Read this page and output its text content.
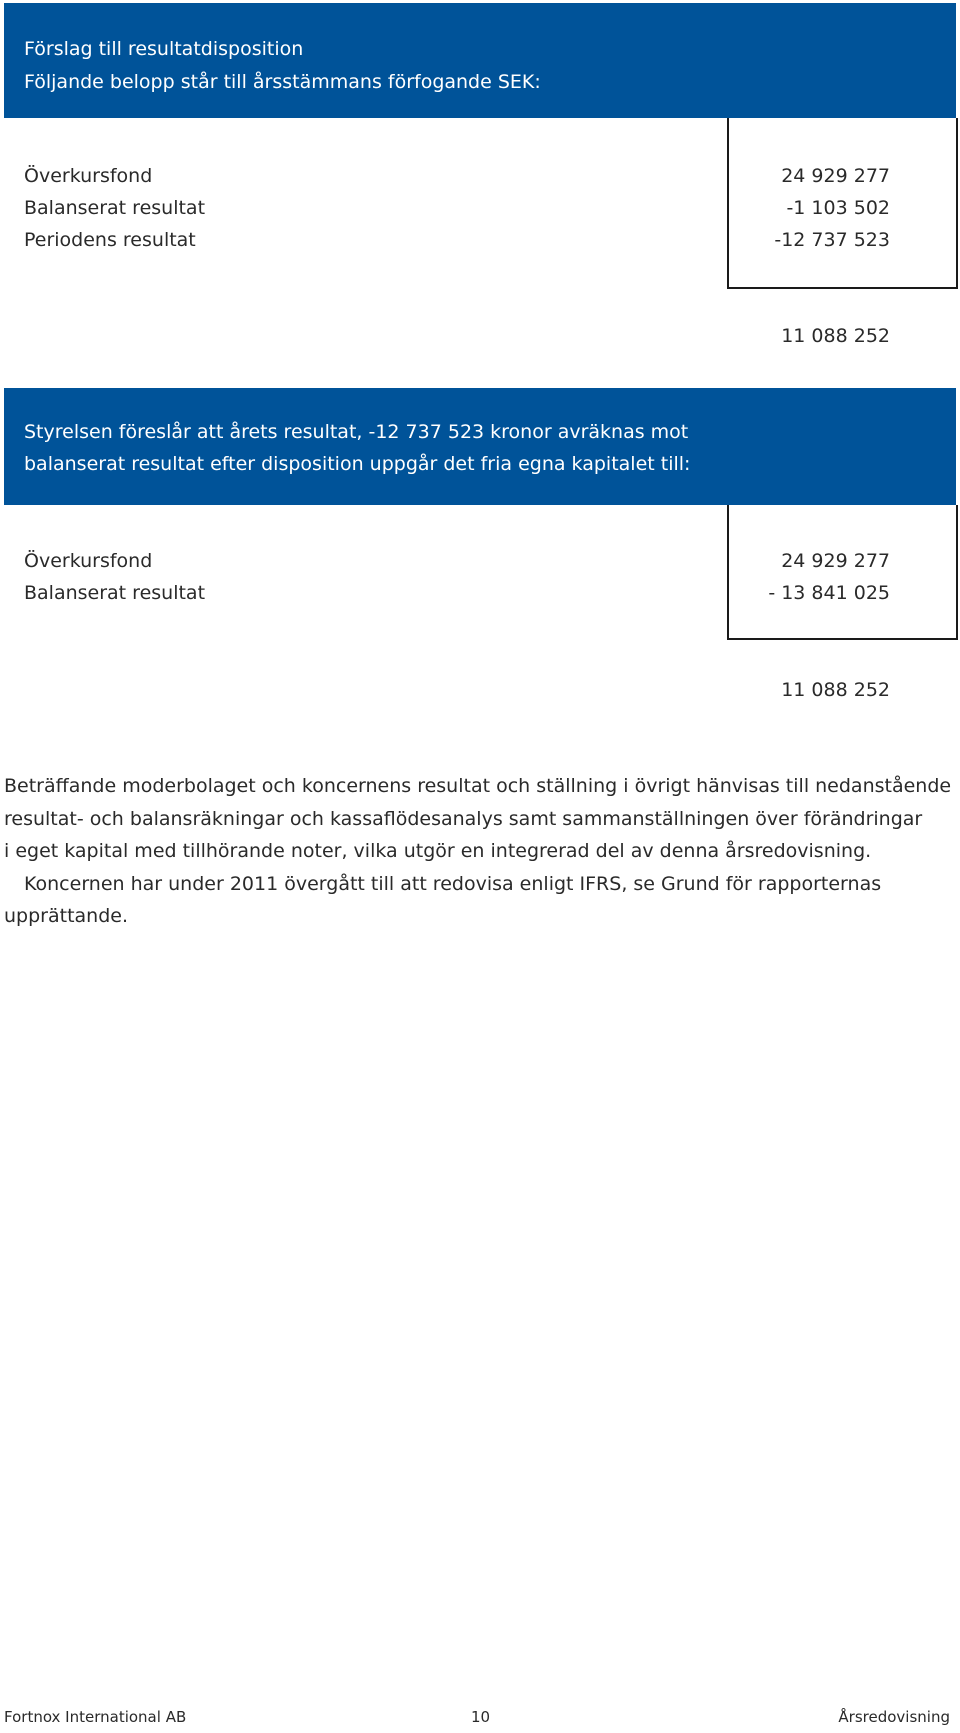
Förslag till resultatdisposition
Följande belopp står till årsstämmans förfogande SEK:
Överkursfond	24 929 277
Balanserat resultat	-1 103 502
Periodens resultat	-12 737 523
11 088 252
Styrelsen föreslår att årets resultat, -12 737 523 kronor avräknas mot
balanserat resultat efter disposition uppgår det fria egna kapitalet till:
Överkursfond	24 929 277
Balanserat resultat	- 13 841 025
11 088 252

Beträffande moderbolaget och koncernens resultat och ställning i övrigt hänvisas till nedanstående
resultat- och balansräkningar och kassaflödesanalys samt sammanställningen över förändringar
i eget kapital med tillhörande noter, vilka utgör en integrerad del av denna årsredovisning.
Koncernen har under 2011 övergått till att redovisa enligt IFRS, se Grund för rapporternas
upprättande.

Fortnox International AB	10	Årsredovisning
